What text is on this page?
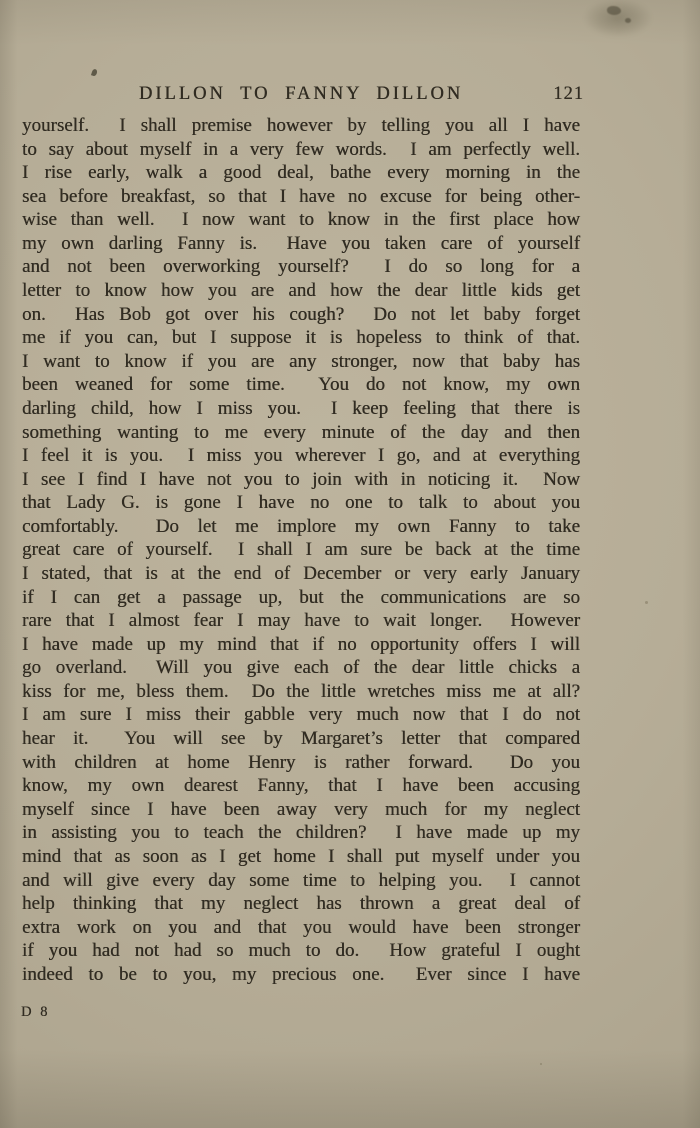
DILLON TO FANNY DILLON	121
yourself.  I shall premise however by telling you all I have
to say about myself in a very few words.  I am perfectly well.
I rise early, walk a good deal, bathe every morning in the
sea before breakfast, so that I have no excuse for being other-
wise than well.  I now want to know in the first place how
my own darling Fanny is.  Have you taken care of yourself
and not been overworking yourself?  I do so long for a
letter to know how you are and how the dear little kids get
on.  Has Bob got over his cough?  Do not let baby forget
me if you can, but I suppose it is hopeless to think of that.
I want to know if you are any stronger, now that baby has
been weaned for some time.  You do not know, my own
darling child, how I miss you.  I keep feeling that there is
something wanting to me every minute of the day and then
I feel it is you.  I miss you wherever I go, and at everything
I see I find I have not you to join with in noticing it.  Now
that Lady G. is gone I have no one to talk to about you
comfortably.  Do let me implore my own Fanny to take
great care of yourself.  I shall I am sure be back at the time
I stated, that is at the end of December or very early January
if I can get a passage up, but the communications are so
rare that I almost fear I may have to wait longer.  However
I have made up my mind that if no opportunity offers I will
go overland.  Will you give each of the dear little chicks a
kiss for me, bless them.  Do the little wretches miss me at all?
I am sure I miss their gabble very much now that I do not
hear it.  You will see by Margaret’s letter that compared
with children at home Henry is rather forward.  Do you
know, my own dearest Fanny, that I have been accusing
myself since I have been away very much for my neglect
in assisting you to teach the children?  I have made up my
mind that as soon as I get home I shall put myself under you
and will give every day some time to helping you.  I cannot
help thinking that my neglect has thrown a great deal of
extra work on you and that you would have been stronger
if you had not had so much to do.  How grateful I ought
indeed to be to you, my precious one.  Ever since I have
D 8
